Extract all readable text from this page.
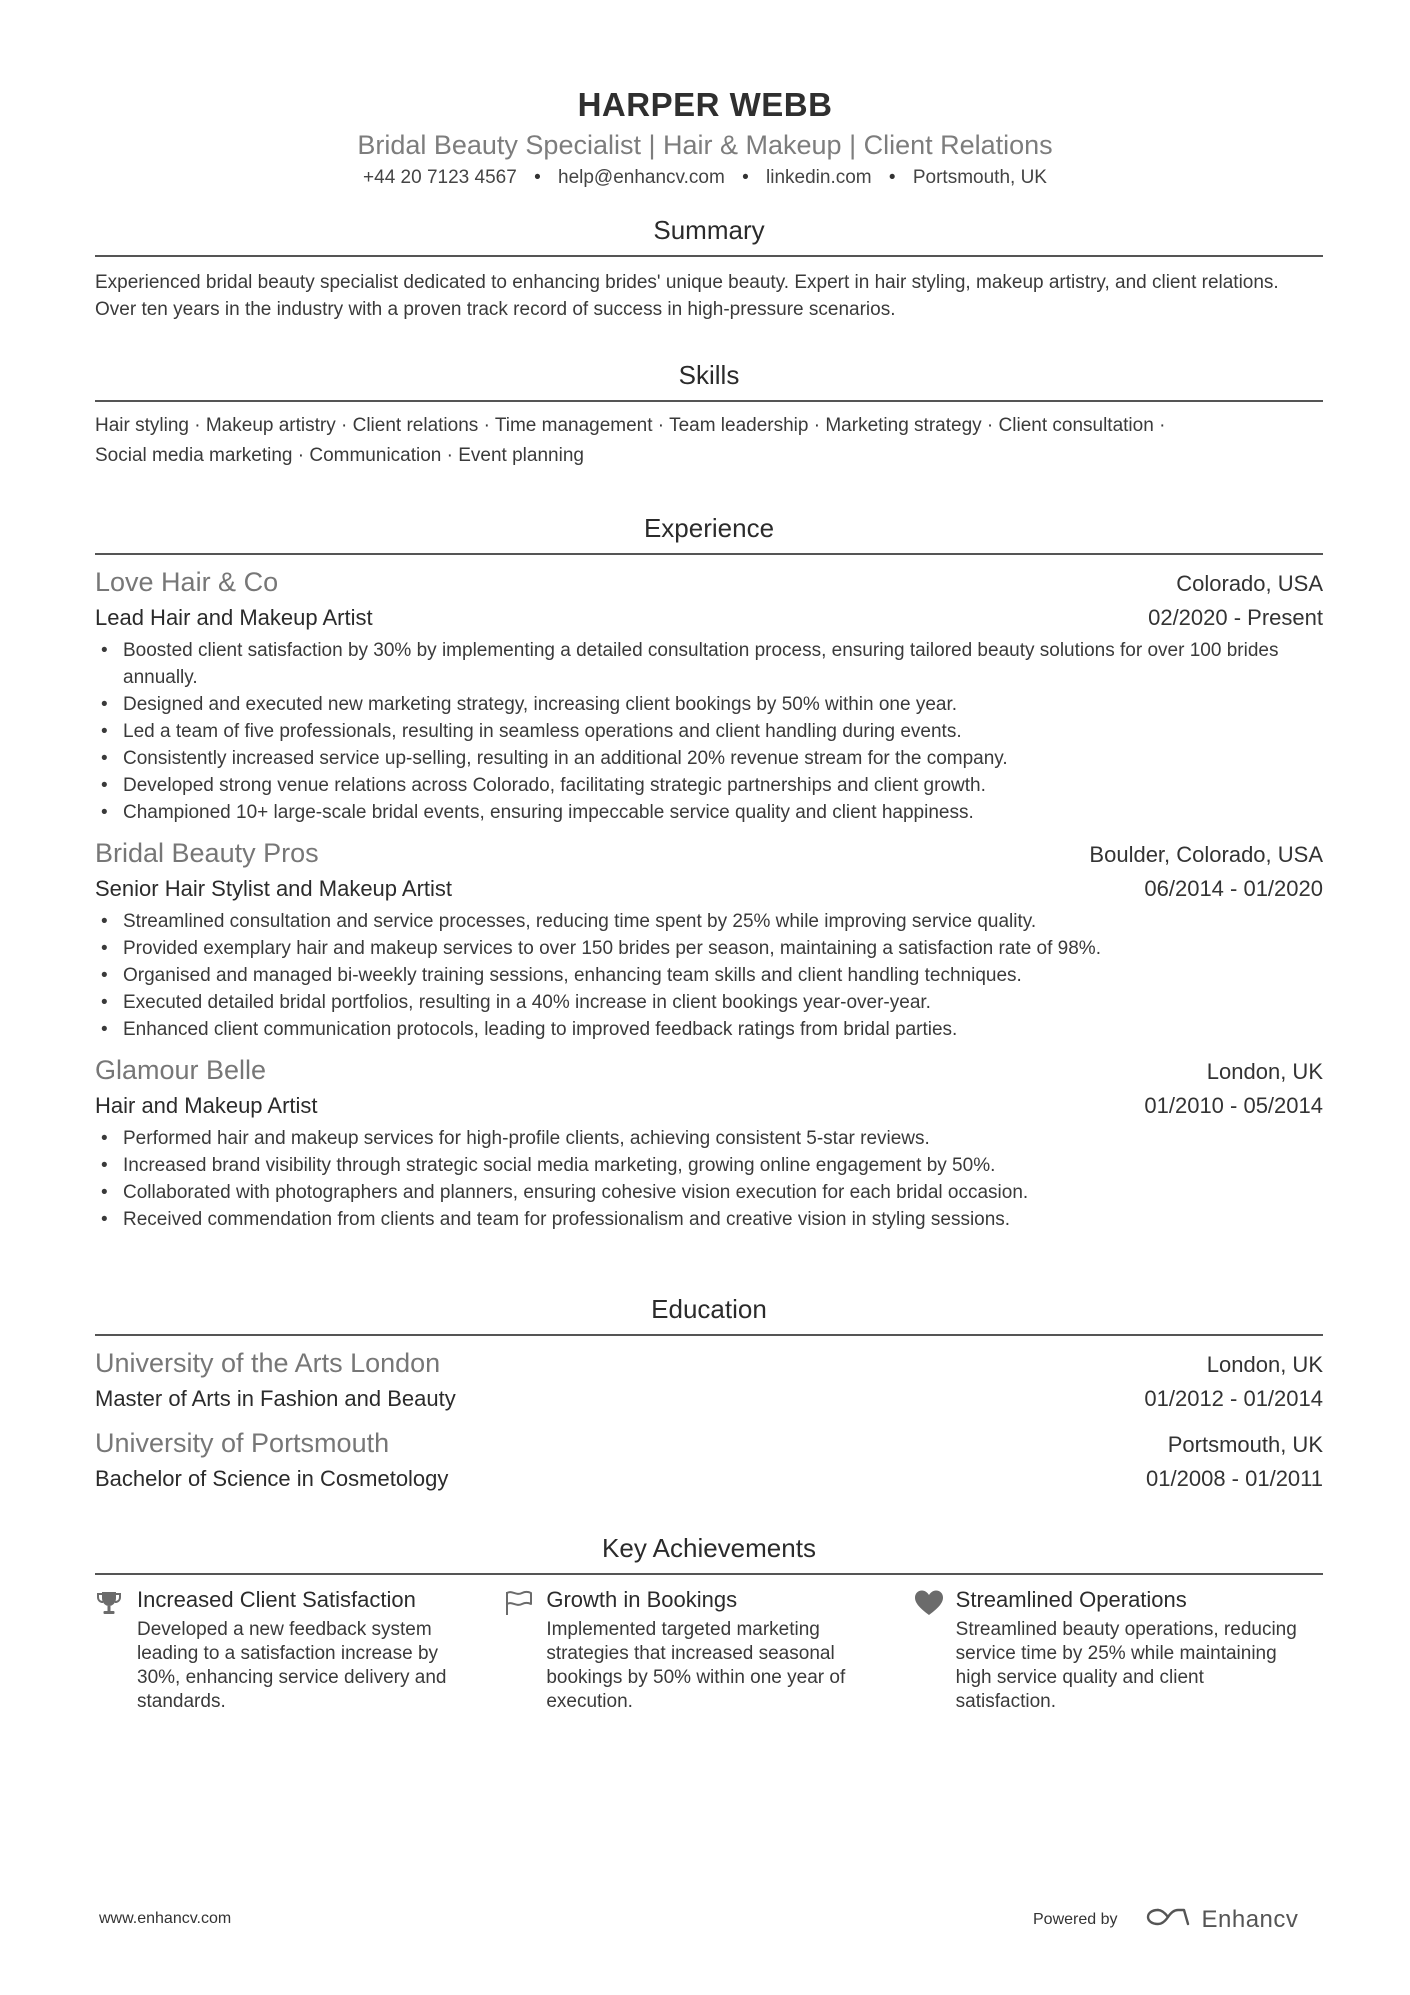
HARPER WEBB
Bridal Beauty Specialist | Hair & Makeup | Client Relations
+44 20 7123 4567 • help@enhancv.com • linkedin.com • Portsmouth, UK
Summary
Experienced bridal beauty specialist dedicated to enhancing brides' unique beauty. Expert in hair styling, makeup artistry, and client relations. Over ten years in the industry with a proven track record of success in high-pressure scenarios.
Skills
Hair styling · Makeup artistry · Client relations · Time management · Team leadership · Marketing strategy · Client consultation ·
Social media marketing · Communication · Event planning
Experience
Love Hair & Co	Colorado, USA
Lead Hair and Makeup Artist	02/2020 - Present
• Boosted client satisfaction by 30% by implementing a detailed consultation process, ensuring tailored beauty solutions for over 100 brides annually.
• Designed and executed new marketing strategy, increasing client bookings by 50% within one year.
• Led a team of five professionals, resulting in seamless operations and client handling during events.
• Consistently increased service up-selling, resulting in an additional 20% revenue stream for the company.
• Developed strong venue relations across Colorado, facilitating strategic partnerships and client growth.
• Championed 10+ large-scale bridal events, ensuring impeccable service quality and client happiness.
Bridal Beauty Pros	Boulder, Colorado, USA
Senior Hair Stylist and Makeup Artist	06/2014 - 01/2020
• Streamlined consultation and service processes, reducing time spent by 25% while improving service quality.
• Provided exemplary hair and makeup services to over 150 brides per season, maintaining a satisfaction rate of 98%.
• Organised and managed bi-weekly training sessions, enhancing team skills and client handling techniques.
• Executed detailed bridal portfolios, resulting in a 40% increase in client bookings year-over-year.
• Enhanced client communication protocols, leading to improved feedback ratings from bridal parties.
Glamour Belle	London, UK
Hair and Makeup Artist	01/2010 - 05/2014
• Performed hair and makeup services for high-profile clients, achieving consistent 5-star reviews.
• Increased brand visibility through strategic social media marketing, growing online engagement by 50%.
• Collaborated with photographers and planners, ensuring cohesive vision execution for each bridal occasion.
• Received commendation from clients and team for professionalism and creative vision in styling sessions.
Education
University of the Arts London	London, UK
Master of Arts in Fashion and Beauty	01/2012 - 01/2014
University of Portsmouth	Portsmouth, UK
Bachelor of Science in Cosmetology	01/2008 - 01/2011
Key Achievements
Increased Client Satisfaction
Developed a new feedback system leading to a satisfaction increase by 30%, enhancing service delivery and standards.
Growth in Bookings
Implemented targeted marketing strategies that increased seasonal bookings by 50% within one year of execution.
Streamlined Operations
Streamlined beauty operations, reducing service time by 25% while maintaining high service quality and client satisfaction.
www.enhancv.com	Powered by	Enhancv
